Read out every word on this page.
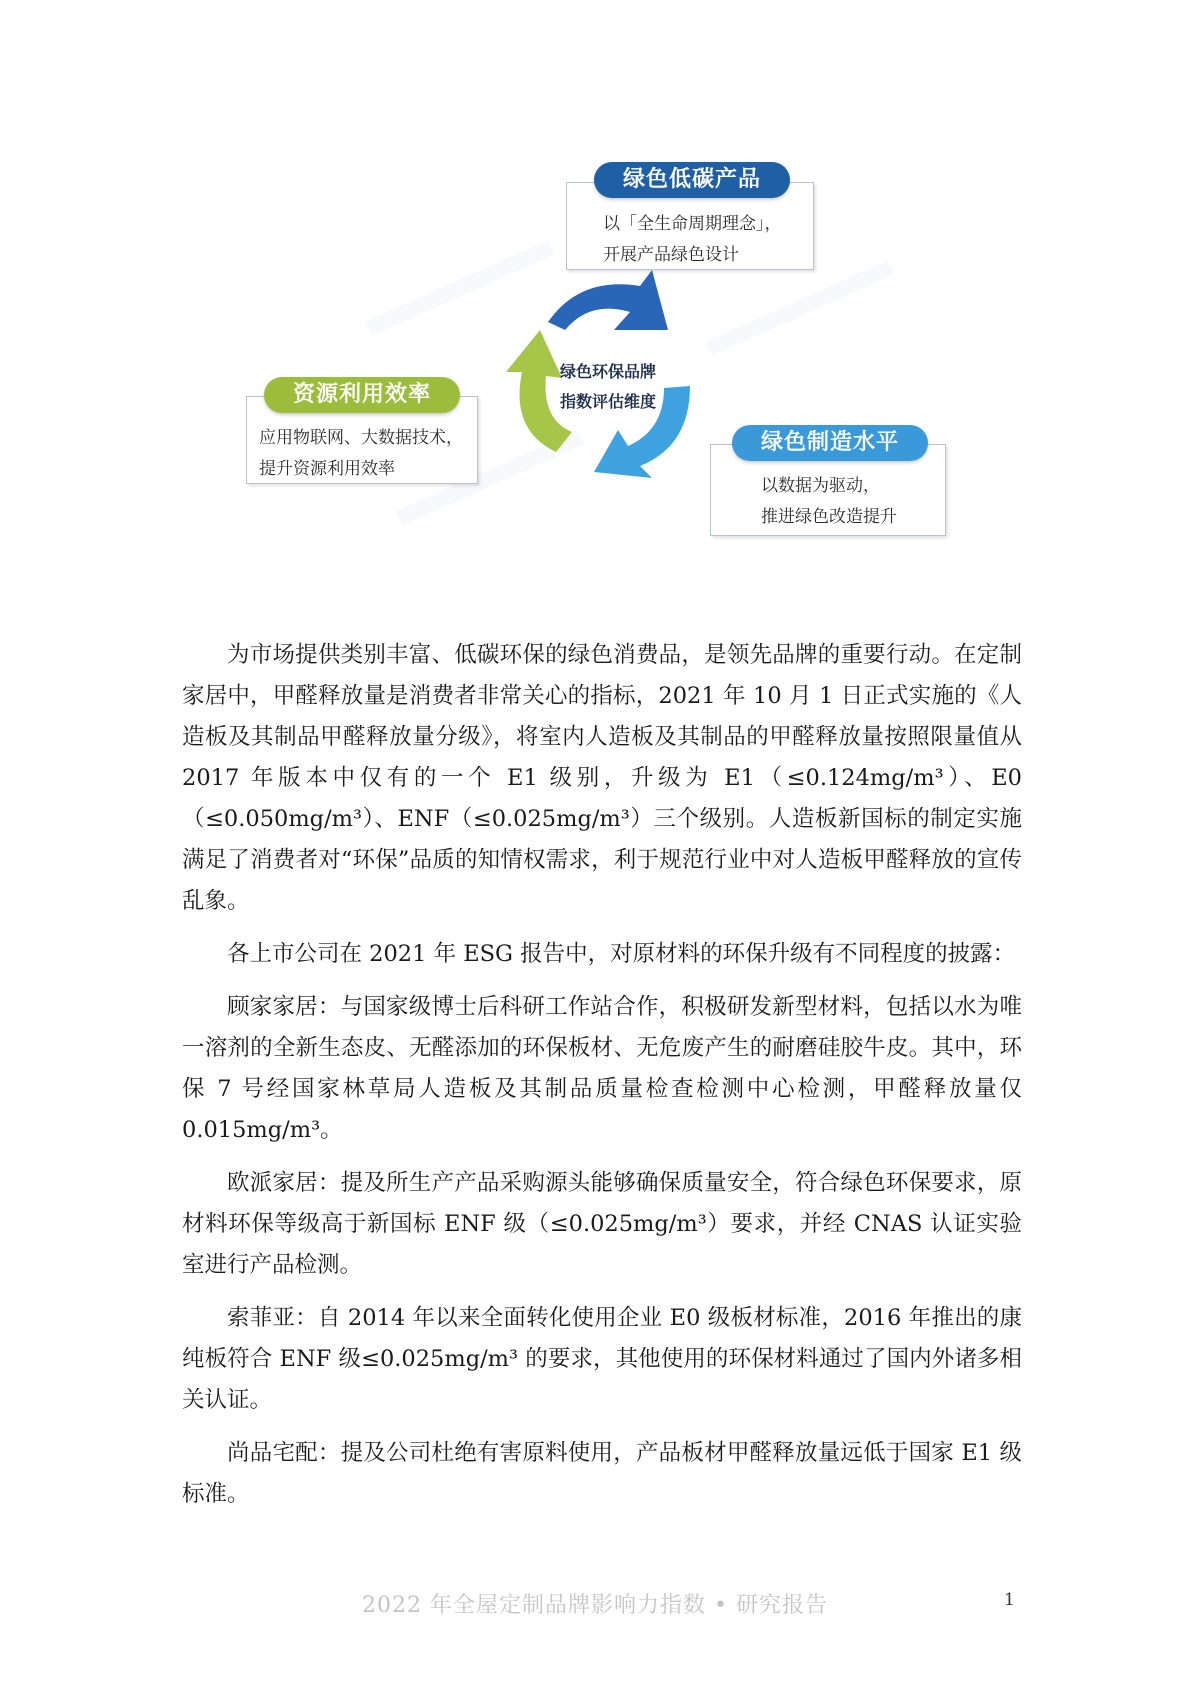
绿色环保品牌
指数评估维度
以「全生命周期理念」，
开展产品绿色设计
绿色低碳产品
应用物联网、大数据技术，
提升资源利用效率
资源利用效率
以数据为驱动，
推进绿色改造提升
绿色制造水平

为市场提供类别丰富、低碳环保的绿色消费品，是领先品牌的重要行动。在定制家居中，甲醛释放量是消费者非常关心的指标，2021 年 10 月 1 日正式实施的《人造板及其制品甲醛释放量分级》，将室内人造板及其制品的甲醛释放量按照限量值从 2017 年版本中仅有的一个 E1 级别，升级为 E1（≤0.124mg/m³）、E0（≤0.050mg/m³）、ENF（≤0.025mg/m³）三个级别。人造板新国标的制定实施满足了消费者对“环保”品质的知情权需求，利于规范行业中对人造板甲醛释放的宣传乱象。

各上市公司在 2021 年 ESG 报告中，对原材料的环保升级有不同程度的披露：

顾家家居：与国家级博士后科研工作站合作，积极研发新型材料，包括以水为唯一溶剂的全新生态皮、无醛添加的环保板材、无危废产生的耐磨硅胶牛皮。其中，环保 7 号经国家林草局人造板及其制品质量检查检测中心检测，甲醛释放量仅 0.015mg/m³。

欧派家居：提及所生产产品采购源头能够确保质量安全，符合绿色环保要求，原材料环保等级高于新国标 ENF 级（≤0.025mg/m³）要求，并经 CNAS 认证实验室进行产品检测。

索菲亚：自 2014 年以来全面转化使用企业 E0 级板材标准，2016 年推出的康纯板符合 ENF 级≤0.025mg/m³ 的要求，其他使用的环保材料通过了国内外诸多相关认证。

尚品宅配：提及公司杜绝有害原料使用，产品板材甲醛释放量远低于国家 E1 级标准。

2022 年全屋定制品牌影响力指数 • 研究报告	1
